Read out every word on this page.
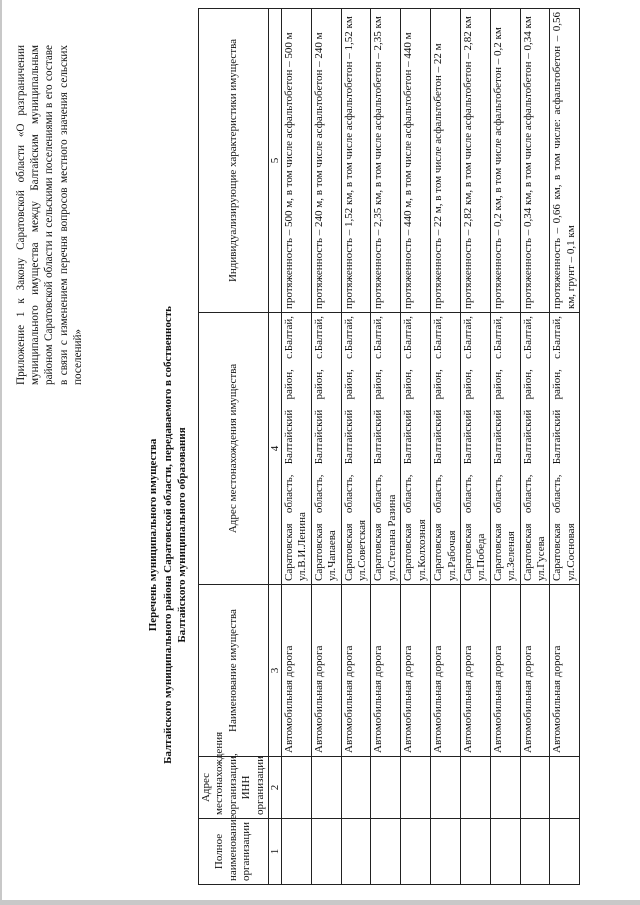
Приложение 1 к Закону Саратовской области «О разграничении муниципального имущества между Балтайским муниципальным районом Саратовской области и сельскими поселениями в его составе в связи с изменением перечня вопросов местного значения сельских поселений»
Перечень муниципального имущества Балтайского муниципального района Саратовской области, передаваемого в собственность Балтайского муниципального образования
Полное наименование организации	Адрес местонахождения организации, ИНН организации	Наименование имущества	Адрес местонахождения имущества	Индивидуализирующие характеристики имущества
1	2	3	4	5
		Автомобильная дорога	Саратовская область, Балтайский район, с.Балтай, ул.В.И.Ленина	протяженность – 500 м, в том числе асфальтобетон – 500 м
		Автомобильная дорога	Саратовская область, Балтайский район, с.Балтай, ул.Чапаева	протяженность – 240 м, в том числе асфальтобетон – 240 м
		Автомобильная дорога	Саратовская область, Балтайский район, с.Балтай, ул.Советская	протяженность – 1,52 км, в том числе асфальтобетон – 1,52 км
		Автомобильная дорога	Саратовская область, Балтайский район, с.Балтай, ул.Степана Разина	протяженность – 2,35 км, в том числе асфальтобетон – 2,35 км
		Автомобильная дорога	Саратовская область, Балтайский район, с.Балтай, ул.Колхозная	протяженность – 440 м, в том числе асфальтобетон – 440 м
		Автомобильная дорога	Саратовская область, Балтайский район, с.Балтай, ул.Рабочая	протяженность – 22 м, в том числе асфальтобетон – 22 м
		Автомобильная дорога	Саратовская область, Балтайский район, с.Балтай, ул.Победа	протяженность – 2,82 км, в том числе асфальтобетон – 2,82 км
		Автомобильная дорога	Саратовская область, Балтайский район, с.Балтай, ул.Зеленая	протяженность – 0,2 км, в том числе асфальтобетон – 0,2 км
		Автомобильная дорога	Саратовская область, Балтайский район, с.Балтай, ул.Гусева	протяженность – 0,34 км, в том числе асфальтобетон – 0,34 км
		Автомобильная дорога	Саратовская область, Балтайский район, с.Балтай, ул.Сосновая	протяженность – 0,66 км, в том числе: асфальтобетон – 0,56 км, грунт – 0,1 км
